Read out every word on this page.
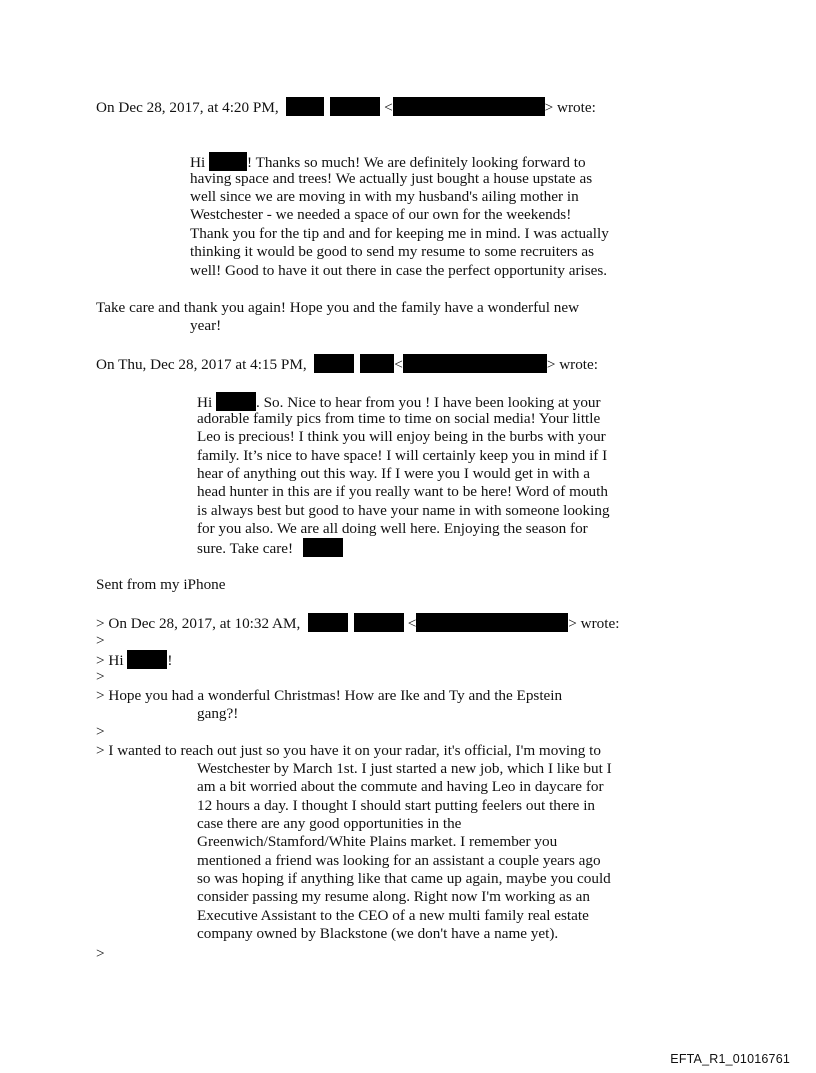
On Dec 28, 2017, at 4:20 PM,	<	> wrote:
Hi	! Thanks so much! We are definitely looking forward to
having space and trees! We actually just bought a house upstate as
well since we are moving in with my husband's ailing mother in
Westchester - we needed a space of our own for the weekends!
Thank you for the tip and and for keeping me in mind. I was actually
thinking it would be good to send my resume to some recruiters as
well! Good to have it out there in case the perfect opportunity arises.
Take care and thank you again! Hope you and the family have a wonderful new
year!
On Thu, Dec 28, 2017 at 4:15 PM,	<	> wrote:
Hi	. So. Nice to hear from you ! I have been looking at your
adorable family pics from time to time on social media! Your little
Leo is precious! I think you will enjoy being in the burbs with your
family. It’s nice to have space! I will certainly keep you in mind if I
hear of anything out this way. If I were you I would get in with a
head hunter in this are if you really want to be here! Word of mouth
is always best but good to have your name in with someone looking
for you also. We are all doing well here. Enjoying the season for
sure. Take care!
Sent from my iPhone
> On Dec 28, 2017, at 10:32 AM,	<	> wrote:
>
> Hi	!
>
> Hope you had a wonderful Christmas! How are Ike and Ty and the Epstein
gang?!
>
> I wanted to reach out just so you have it on your radar, it's official, I'm moving to
Westchester by March 1st. I just started a new job, which I like but I
am a bit worried about the commute and having Leo in daycare for
12 hours a day. I thought I should start putting feelers out there in
case there are any good opportunities in the
Greenwich/Stamford/White Plains market. I remember you
mentioned a friend was looking for an assistant a couple years ago
so was hoping if anything like that came up again, maybe you could
consider passing my resume along. Right now I'm working as an
Executive Assistant to the CEO of a new multi family real estate
company owned by Blackstone (we don't have a name yet).
>
EFTA_R1_01016761
